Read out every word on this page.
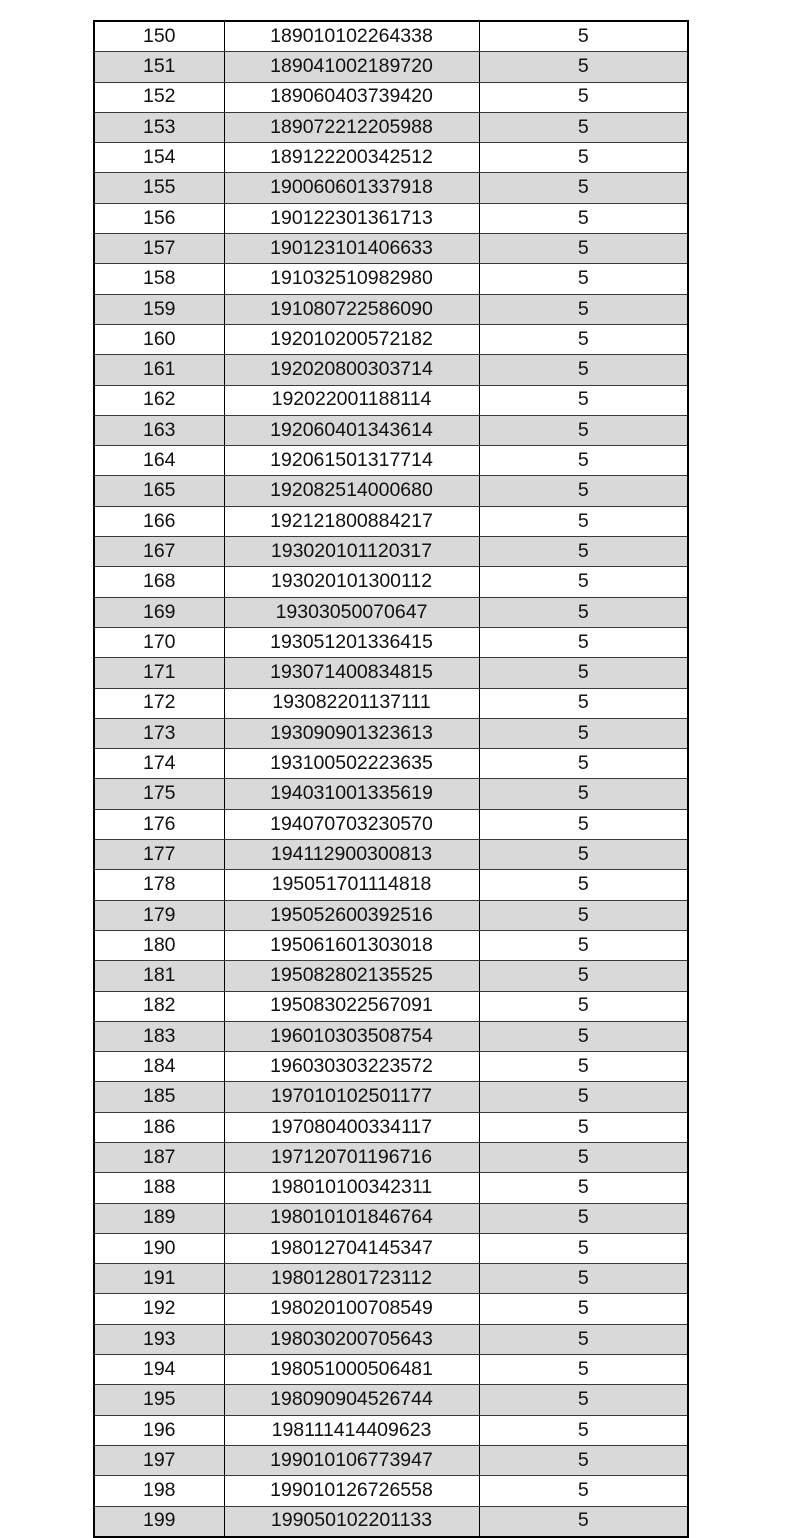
150	189010102264338	5
151	189041002189720	5
152	189060403739420	5
153	189072212205988	5
154	189122200342512	5
155	190060601337918	5
156	190122301361713	5
157	190123101406633	5
158	191032510982980	5
159	191080722586090	5
160	192010200572182	5
161	192020800303714	5
162	192022001188114	5
163	192060401343614	5
164	192061501317714	5
165	192082514000680	5
166	192121800884217	5
167	193020101120317	5
168	193020101300112	5
169	19303050070647	5
170	193051201336415	5
171	193071400834815	5
172	193082201137111	5
173	193090901323613	5
174	193100502223635	5
175	194031001335619	5
176	194070703230570	5
177	194112900300813	5
178	195051701114818	5
179	195052600392516	5
180	195061601303018	5
181	195082802135525	5
182	195083022567091	5
183	196010303508754	5
184	196030303223572	5
185	197010102501177	5
186	197080400334117	5
187	197120701196716	5
188	198010100342311	5
189	198010101846764	5
190	198012704145347	5
191	198012801723112	5
192	198020100708549	5
193	198030200705643	5
194	198051000506481	5
195	198090904526744	5
196	198111414409623	5
197	199010106773947	5
198	199010126726558	5
199	199050102201133	5
